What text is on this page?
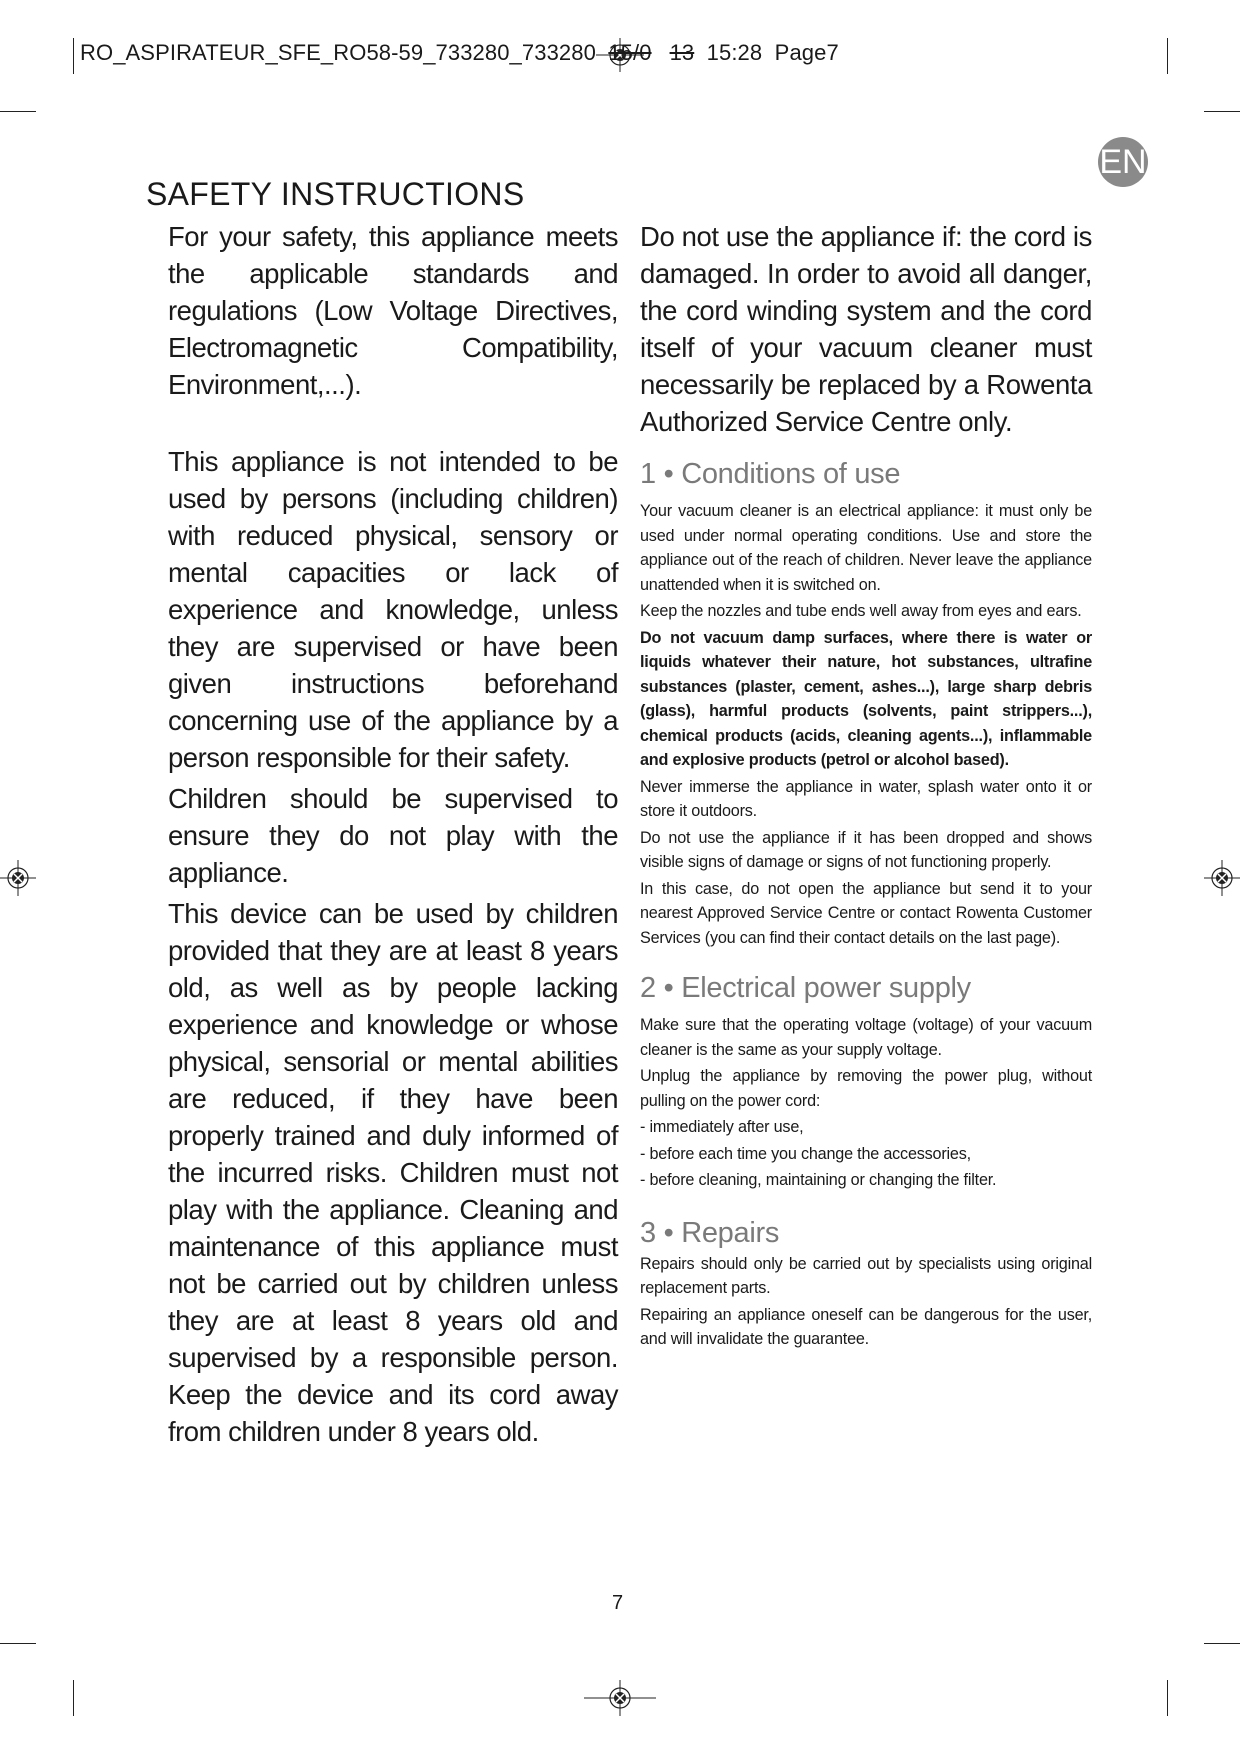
RO_ASPIRATEUR_SFE_RO58-59_733280_733280 15/0 13 15:28 Page7
EN
SAFETY INSTRUCTIONS

For your safety, this appliance meets the applicable standards and regulations (Low Voltage Directives, Electromagnetic Compatibility, Environment,...).

This appliance is not intended to be used by persons (including children) with reduced physical, sensory or mental capacities or lack of experience and knowledge, unless they are supervised or have been given instructions beforehand concerning use of the appliance by a person responsible for their safety.

Children should be supervised to ensure they do not play with the appliance.

This device can be used by children provided that they are at least 8 years old, as well as by people lacking experience and knowledge or whose physical, sensorial or mental abilities are reduced, if they have been properly trained and duly informed of the incurred risks. Children must not play with the appliance. Cleaning and maintenance of this appliance must not be carried out by children unless they are at least 8 years old and supervised by a responsible person. Keep the device and its cord away from children under 8 years old.

Do not use the appliance if: the cord is damaged. In order to avoid all danger, the cord winding system and the cord itself of your vacuum cleaner must necessarily be replaced by a Rowenta Authorized Service Centre only.

1 • Conditions of use

Your vacuum cleaner is an electrical appliance: it must only be used under normal operating conditions. Use and store the appliance out of the reach of children. Never leave the appliance unattended when it is switched on.

Keep the nozzles and tube ends well away from eyes and ears.

Do not vacuum damp surfaces, where there is water or liquids whatever their nature, hot substances, ultrafine substances (plaster, cement, ashes...), large sharp debris (glass), harmful products (solvents, paint strippers...), chemical products (acids, cleaning agents...), inflammable and explosive products (petrol or alcohol based).

Never immerse the appliance in water, splash water onto it or store it outdoors.

Do not use the appliance if it has been dropped and shows visible signs of damage or signs of not functioning properly.

In this case, do not open the appliance but send it to your nearest Approved Service Centre or contact Rowenta Customer Services (you can find their contact details on the last page).

2 • Electrical power supply

Make sure that the operating voltage (voltage) of your vacuum cleaner is the same as your supply voltage.

Unplug the appliance by removing the power plug, without pulling on the power cord:

- immediately after use,

- before each time you change the accessories,

- before cleaning, maintaining or changing the filter.

3 • Repairs

Repairs should only be carried out by specialists using original replacement parts.

Repairing an appliance oneself can be dangerous for the user, and will invalidate the guarantee.

7
